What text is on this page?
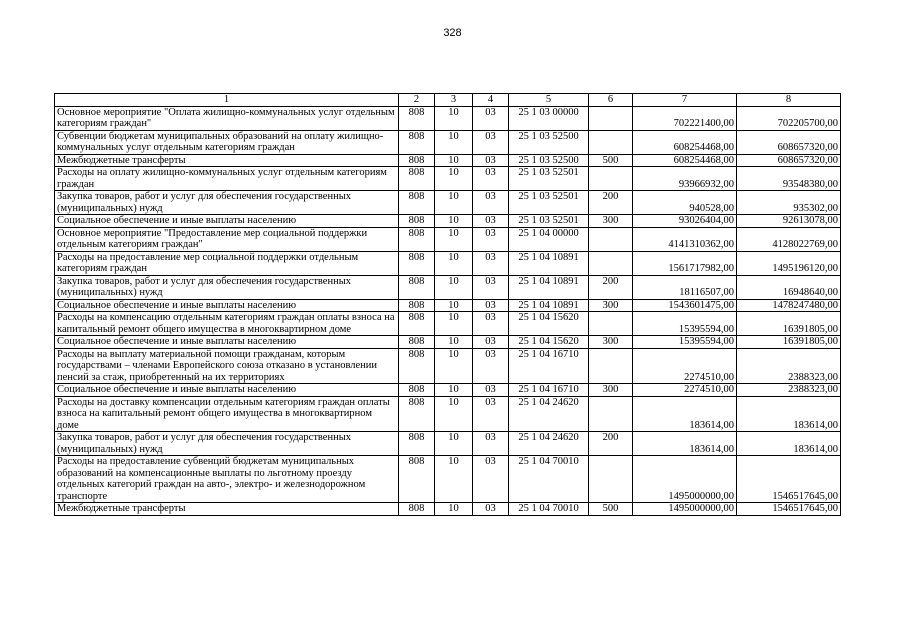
328
1	2	3	4	5	6	7	8
Основное мероприятие "Оплата жилищно-коммунальных услуг отдельным категориям граждан"	808	10	03	25 1 03 00000		702221400,00	702205700,00
Субвенции бюджетам муниципальных образований на оплату жилищно-коммунальных услуг отдельным категориям граждан	808	10	03	25 1 03 52500		608254468,00	608657320,00
Межбюджетные трансферты	808	10	03	25 1 03 52500	500	608254468,00	608657320,00
Расходы на оплату жилищно-коммунальных услуг отдельным категориям граждан	808	10	03	25 1 03 52501		93966932,00	93548380,00
Закупка товаров, работ и услуг для обеспечения государственных (муниципальных) нужд	808	10	03	25 1 03 52501	200	940528,00	935302,00
Социальное обеспечение и иные выплаты населению	808	10	03	25 1 03 52501	300	93026404,00	92613078,00
Основное мероприятие "Предоставление мер социальной поддержки отдельным категориям граждан"	808	10	03	25 1 04 00000		4141310362,00	4128022769,00
Расходы на предоставление мер социальной поддержки отдельным категориям граждан	808	10	03	25 1 04 10891		1561717982,00	1495196120,00
Закупка товаров, работ и услуг для обеспечения государственных (муниципальных) нужд	808	10	03	25 1 04 10891	200	18116507,00	16948640,00
Социальное обеспечение и иные выплаты населению	808	10	03	25 1 04 10891	300	1543601475,00	1478247480,00
Расходы на компенсацию отдельным категориям граждан оплаты взноса на капитальный ремонт общего имущества в многоквартирном доме	808	10	03	25 1 04 15620		15395594,00	16391805,00
Социальное обеспечение и иные выплаты населению	808	10	03	25 1 04 15620	300	15395594,00	16391805,00
Расходы на выплату материальной помощи гражданам, которым государствами – членами Европейского союза отказано в установлении пенсий за стаж, приобретенный на их территориях	808	10	03	25 1 04 16710		2274510,00	2388323,00
Социальное обеспечение и иные выплаты населению	808	10	03	25 1 04 16710	300	2274510,00	2388323,00
Расходы на доставку компенсации отдельным категориям граждан оплаты взноса на капитальный ремонт общего имущества в многоквартирном доме	808	10	03	25 1 04 24620		183614,00	183614,00
Закупка товаров, работ и услуг для обеспечения государственных (муниципальных) нужд	808	10	03	25 1 04 24620	200	183614,00	183614,00
Расходы на предоставление субвенций бюджетам муниципальных образований на компенсационные выплаты по льготному проезду отдельных категорий граждан на авто-, электро- и железнодорожном транспорте	808	10	03	25 1 04 70010		1495000000,00	1546517645,00
Межбюджетные трансферты	808	10	03	25 1 04 70010	500	1495000000,00	1546517645,00
